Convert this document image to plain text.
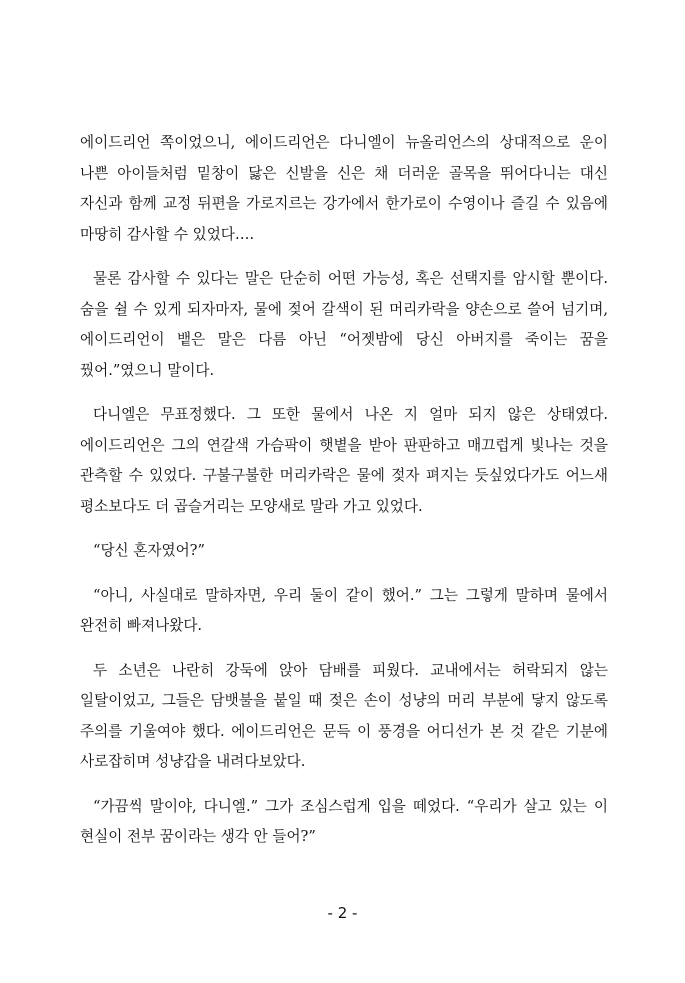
에이드리언 쪽이었으니, 에이드리언은 다니엘이 뉴올리언스의 상대적으로 운이 나쁜 아이들처럼 밑창이 닳은 신발을 신은 채 더러운 골목을 뛰어다니는 대신 자신과 함께 교정 뒤편을 가로지르는 강가에서 한가로이 수영이나 즐길 수 있음에 마땅히 감사할 수 있었다….

물론 감사할 수 있다는 말은 단순히 어떤 가능성, 혹은 선택지를 암시할 뿐이다. 숨을 쉴 수 있게 되자마자, 물에 젖어 갈색이 된 머리카락을 양손으로 쓸어 넘기며, 에이드리언이 뱉은 말은 다름 아닌 “어젯밤에 당신 아버지를 죽이는 꿈을 꿨어.”였으니 말이다.

다니엘은 무표정했다. 그 또한 물에서 나온 지 얼마 되지 않은 상태였다. 에이드리언은 그의 연갈색 가슴팍이 햇볕을 받아 판판하고 매끄럽게 빛나는 것을 관측할 수 있었다. 구불구불한 머리카락은 물에 젖자 펴지는 듯싶었다가도 어느새 평소보다도 더 곱슬거리는 모양새로 말라 가고 있었다.

“당신 혼자였어?”

“아니, 사실대로 말하자면, 우리 둘이 같이 했어.” 그는 그렇게 말하며 물에서 완전히 빠져나왔다.

두 소년은 나란히 강둑에 앉아 담배를 피웠다. 교내에서는 허락되지 않는 일탈이었고, 그들은 담뱃불을 붙일 때 젖은 손이 성냥의 머리 부분에 닿지 않도록 주의를 기울여야 했다. 에이드리언은 문득 이 풍경을 어디선가 본 것 같은 기분에 사로잡히며 성냥갑을 내려다보았다.

“가끔씩 말이야, 다니엘.” 그가 조심스럽게 입을 떼었다. “우리가 살고 있는 이 현실이 전부 꿈이라는 생각 안 들어?”

- 2 -
